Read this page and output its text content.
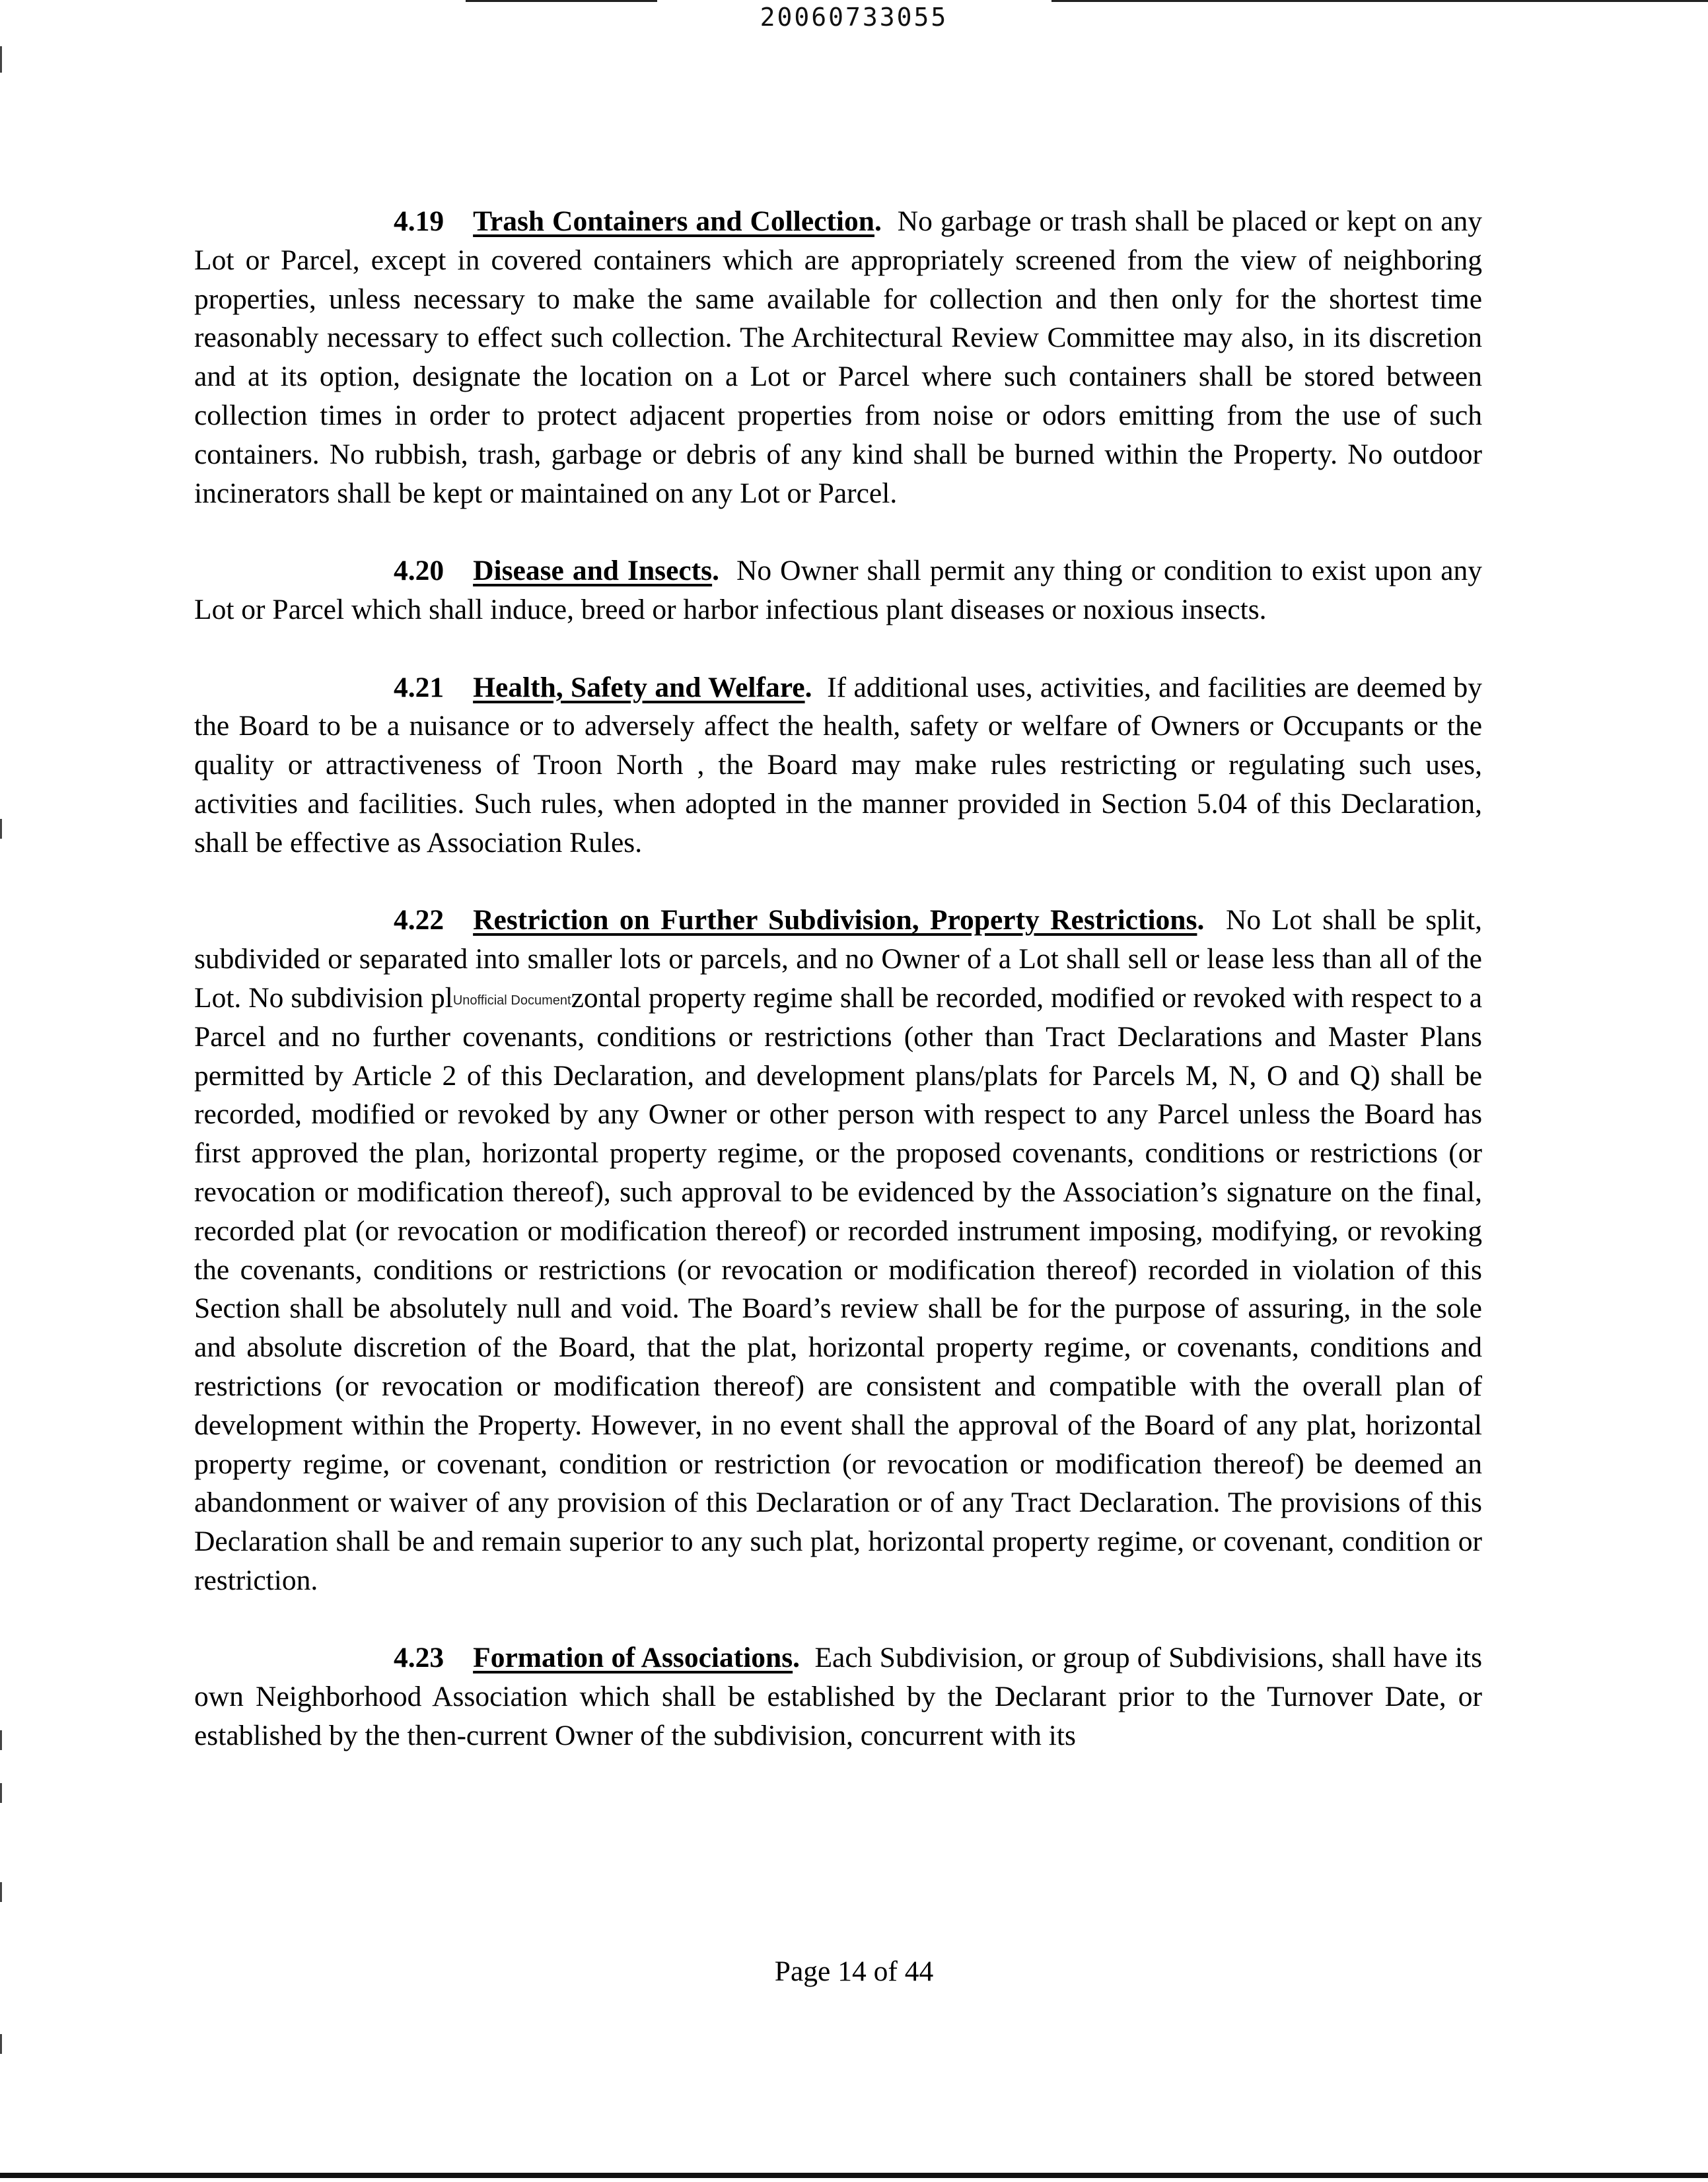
20060733055

4.19 Trash Containers and Collection. No garbage or trash shall be placed or kept on any Lot or Parcel, except in covered containers which are appropriately screened from the view of neighboring properties, unless necessary to make the same available for collection and then only for the shortest time reasonably necessary to effect such collection. The Architectural Review Committee may also, in its discretion and at its option, designate the location on a Lot or Parcel where such containers shall be stored between collection times in order to protect adjacent properties from noise or odors emitting from the use of such containers. No rubbish, trash, garbage or debris of any kind shall be burned within the Property. No outdoor incinerators shall be kept or maintained on any Lot or Parcel.

4.20 Disease and Insects. No Owner shall permit any thing or condition to exist upon any Lot or Parcel which shall induce, breed or harbor infectious plant diseases or noxious insects.

4.21 Health, Safety and Welfare. If additional uses, activities, and facilities are deemed by the Board to be a nuisance or to adversely affect the health, safety or welfare of Owners or Occupants or the quality or attractiveness of Troon North , the Board may make rules restricting or regulating such uses, activities and facilities. Such rules, when adopted in the manner provided in Section 5.04 of this Declaration, shall be effective as Association Rules.

4.22 Restriction on Further Subdivision, Property Restrictions. No Lot shall be split, subdivided or separated into smaller lots or parcels, and no Owner of a Lot shall sell or lease less than all of the Lot. No subdivision plUnofficial Documentzontal property regime shall be recorded, modified or revoked with respect to a Parcel and no further covenants, conditions or restrictions (other than Tract Declarations and Master Plans permitted by Article 2 of this Declaration, and development plans/plats for Parcels M, N, O and Q) shall be recorded, modified or revoked by any Owner or other person with respect to any Parcel unless the Board has first approved the plan, horizontal property regime, or the proposed covenants, conditions or restrictions (or revocation or modification thereof), such approval to be evidenced by the Association’s signature on the final, recorded plat (or revocation or modification thereof) or recorded instrument imposing, modifying, or revoking the covenants, conditions or restrictions (or revocation or modification thereof) recorded in violation of this Section shall be absolutely null and void. The Board’s review shall be for the purpose of assuring, in the sole and absolute discretion of the Board, that the plat, horizontal property regime, or covenants, conditions and restrictions (or revocation or modification thereof) are consistent and compatible with the overall plan of development within the Property. However, in no event shall the approval of the Board of any plat, horizontal property regime, or covenant, condition or restriction (or revocation or modification thereof) be deemed an abandonment or waiver of any provision of this Declaration or of any Tract Declaration. The provisions of this Declaration shall be and remain superior to any such plat, horizontal property regime, or covenant, condition or restriction.

4.23 Formation of Associations. Each Subdivision, or group of Subdivisions, shall have its own Neighborhood Association which shall be established by the Declarant prior to the Turnover Date, or established by the then-current Owner of the subdivision, concurrent with its

Page 14 of 44
